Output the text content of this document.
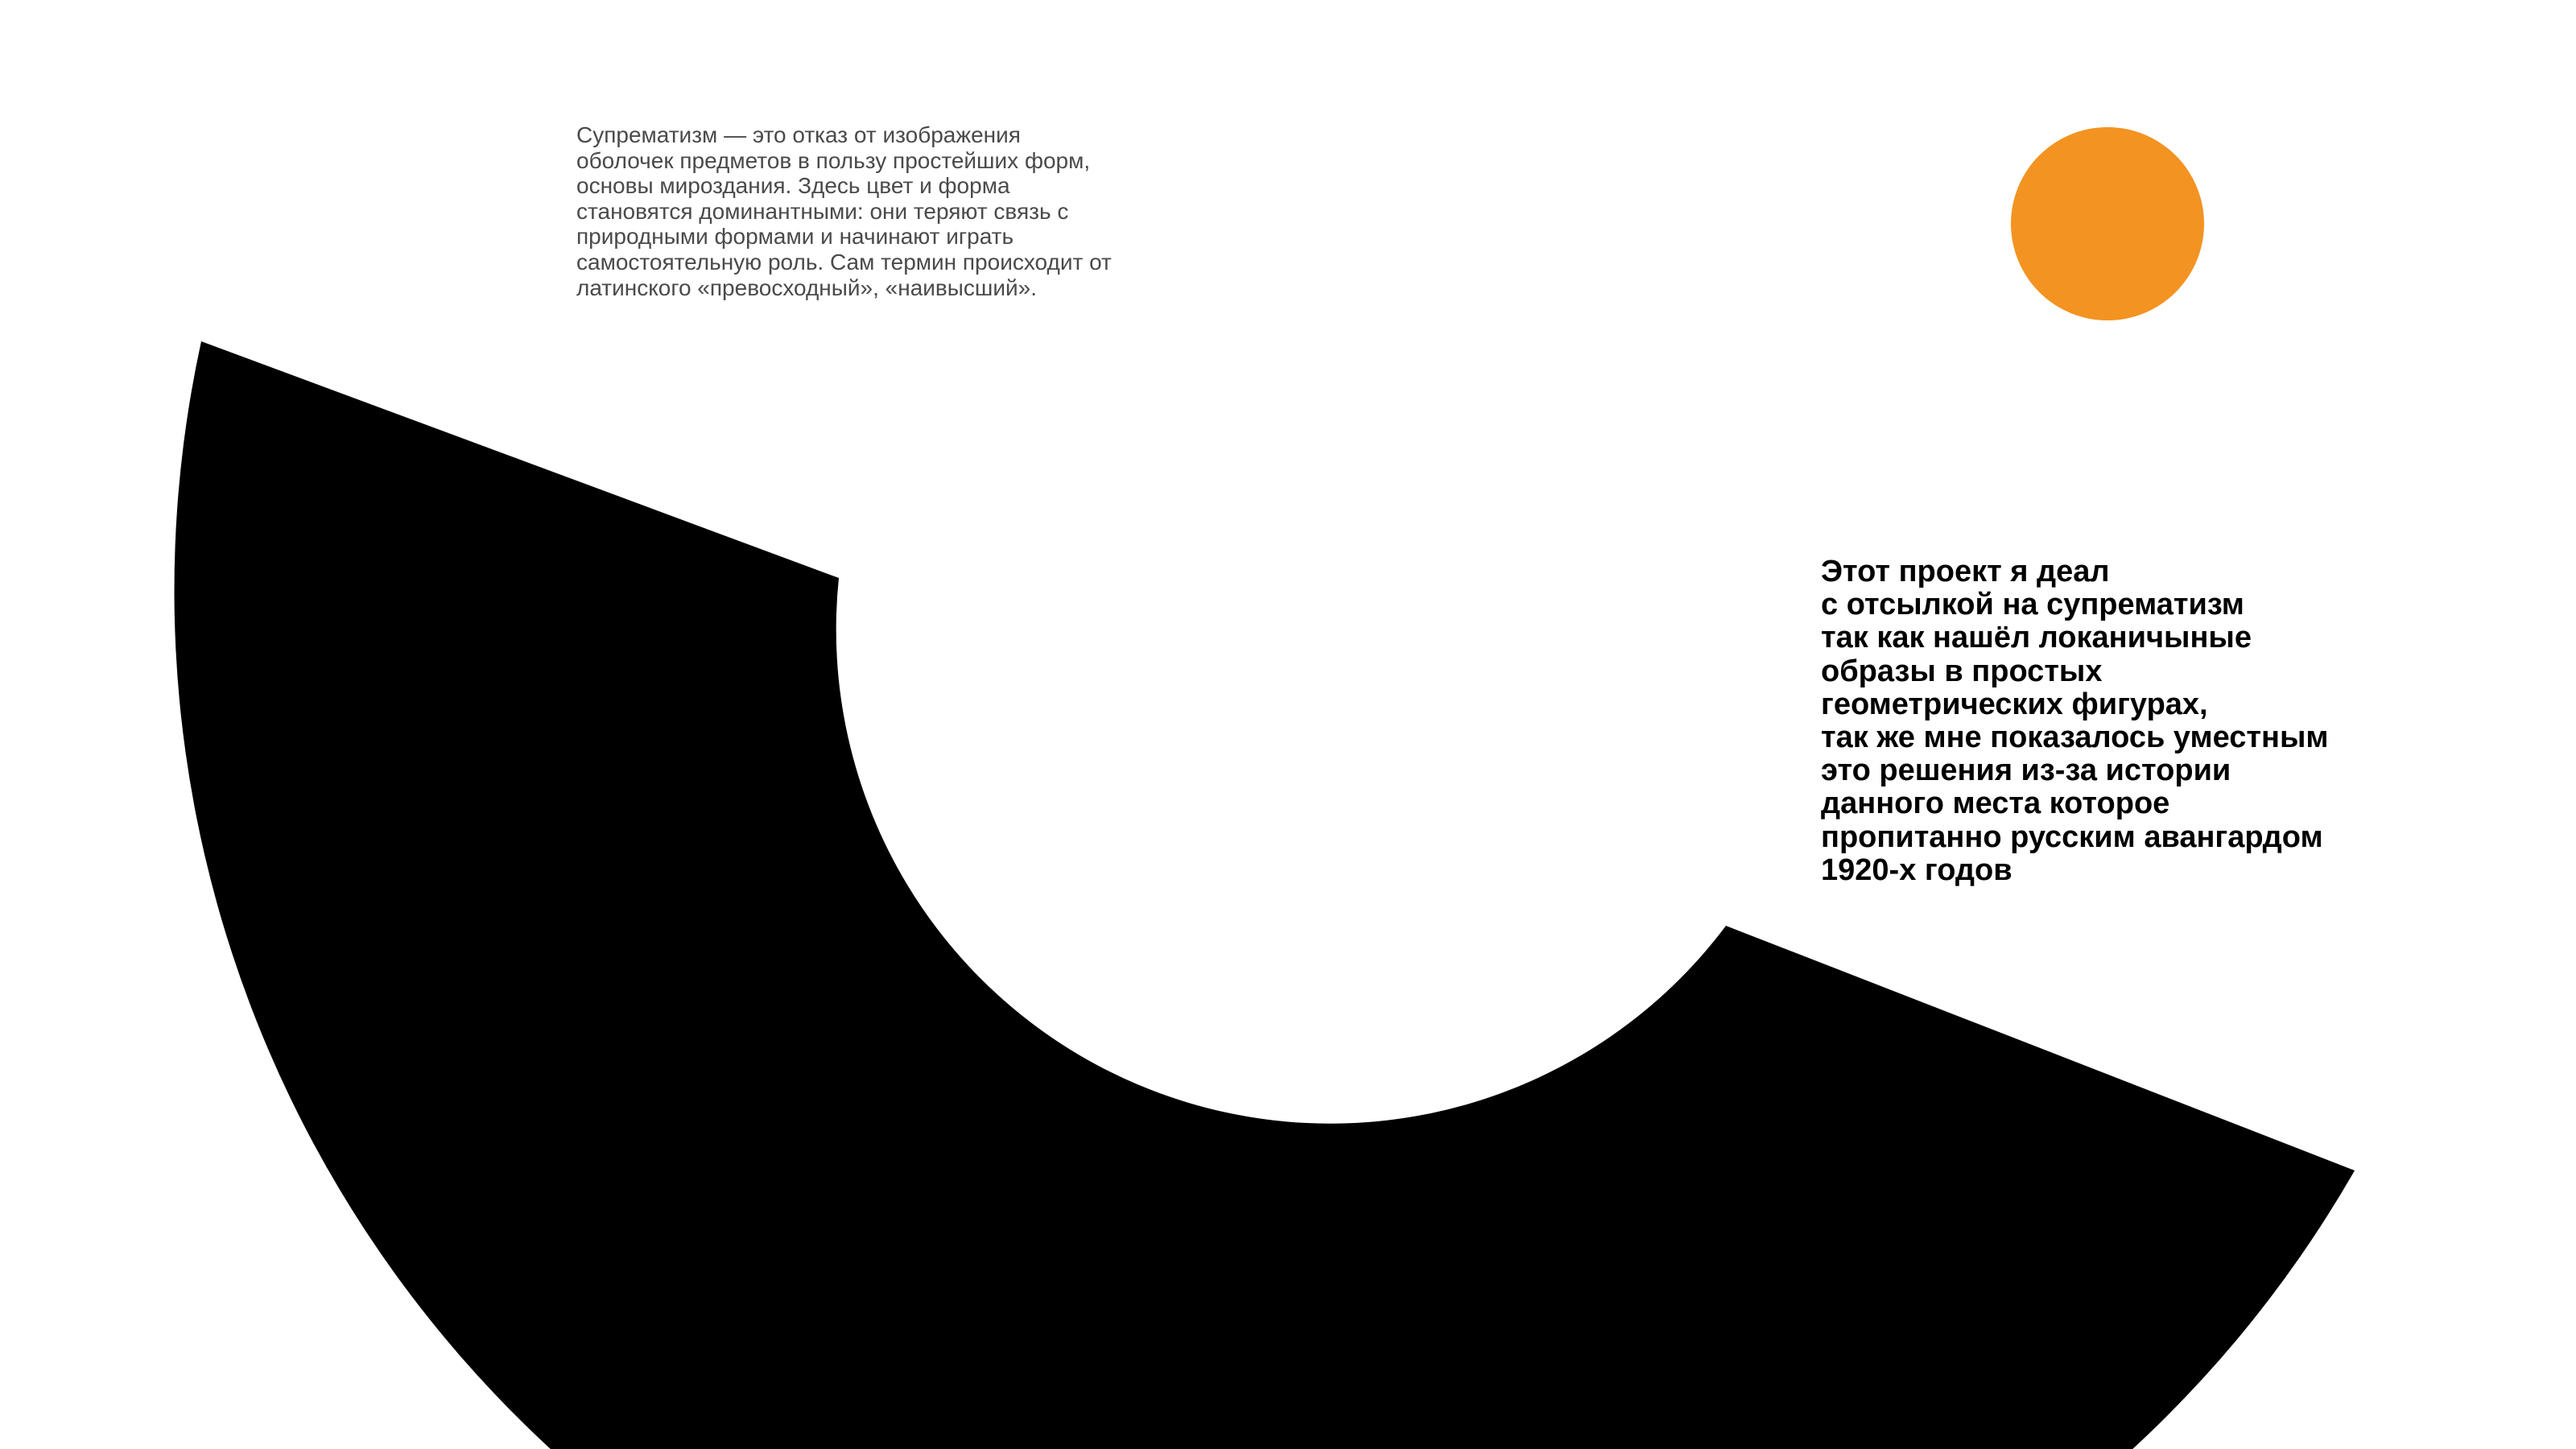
Супрематизм — это отказ от изображения оболочек предметов в пользу простейших форм, основы мироздания. Здесь цвет и форма становятся доминантными: они теряют связь с природными формами и начинают играть самостоятельную роль. Сам термин происходит от латинского «превосходный», «наивысший».

Этот проект я деал
с отсылкой на супрематизм
так как нашёл локаничыные
образы в простых
геометрических фигурах,
так же мне показалось уместным
это решения из-за истории
данного места которое
пропитанно русским авангардом
1920-х годов
